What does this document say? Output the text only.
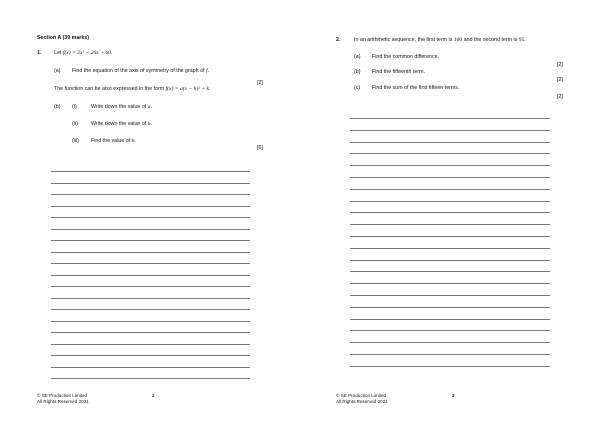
Section A (39 marks)
1. Let f(x) = 2x² − 20x + 60.
(a) Find the equation of the axis of symmetry of the graph of f.
[2]
The function can be also expressed in the form f(x) = a(x − h)² + k.
(b) (i)	Write down the value of a.
(ii) Write down the value of h.
(iii) Find the value of k.
[6]
© SE Production Limited
All Rights Reserved 2021
2
2.	In an arithmetic sequence, the first term is 100 and the second term is 95.
(a) Find the common difference.
[2]
(b) Find the fifteenth term.
[2]
(c) Find the sum of the first fifteen terms.
[2]
© SE Production Limited
All Rights Reserved 2021
3
